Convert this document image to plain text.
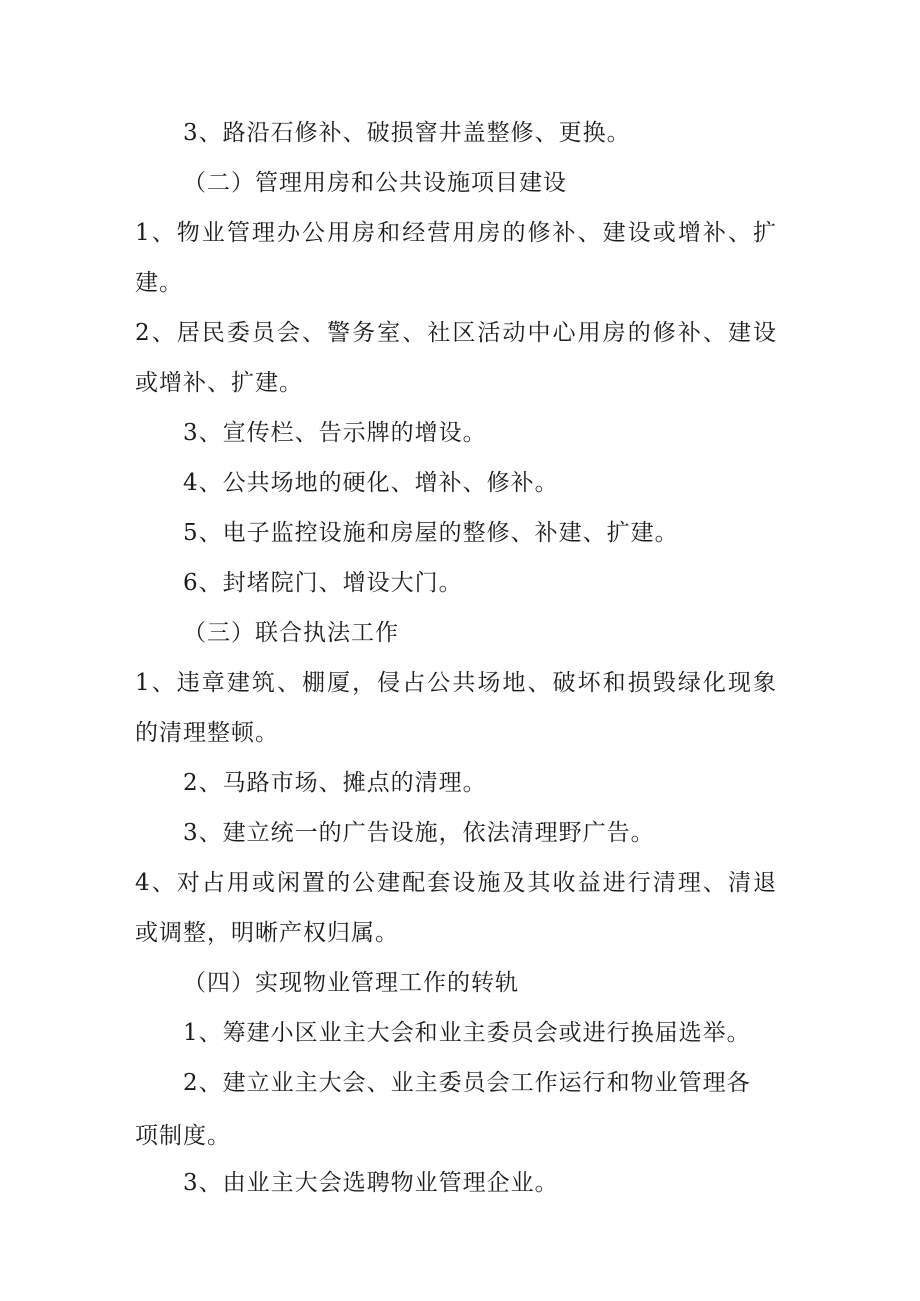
3、路沿石修补、破损窨井盖整修、更换。

（二）管理用房和公共设施项目建设

1、物业管理办公用房和经营用房的修补、建设或增补、扩

建。

2、居民委员会、警务室、社区活动中心用房的修补、建设

或增补、扩建。

3、宣传栏、告示牌的增设。

4、公共场地的硬化、增补、修补。

5、电子监控设施和房屋的整修、补建、扩建。

6、封堵院门、增设大门。

（三）联合执法工作

1、违章建筑、棚厦，侵占公共场地、破坏和损毁绿化现象

的清理整顿。

2、马路市场、摊点的清理。

3、建立统一的广告设施，依法清理野广告。

4、对占用或闲置的公建配套设施及其收益进行清理、清退

或调整，明晰产权归属。

（四）实现物业管理工作的转轨

1、筹建小区业主大会和业主委员会或进行换届选举。

2、建立业主大会、业主委员会工作运行和物业管理各

项制度。

3、由业主大会选聘物业管理企业。
